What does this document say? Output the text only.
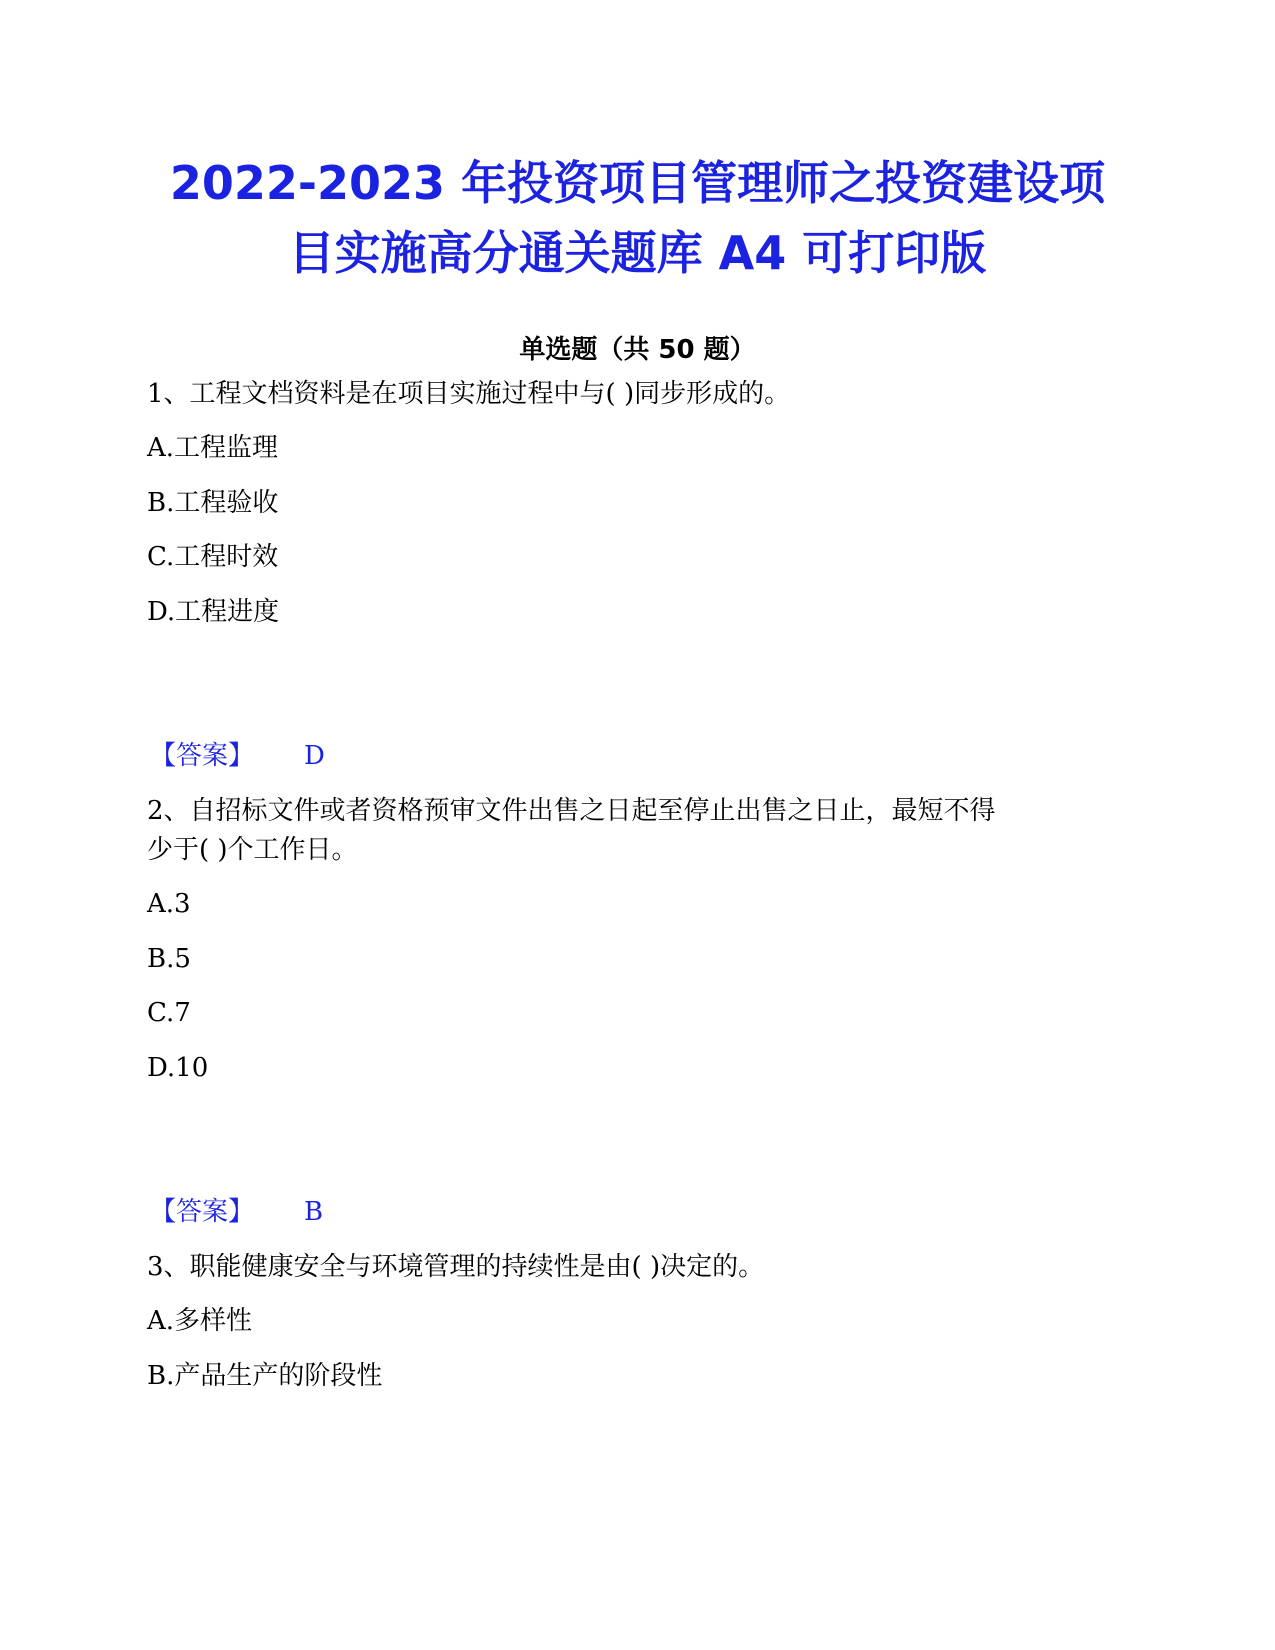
2022-2023 年投资项目管理师之投资建设项
目实施高分通关题库 A4 可打印版
单选题（共 50 题）
1、工程文档资料是在项目实施过程中与( )同步形成的。
A.工程监理
B.工程验收
C.工程时效
D.工程进度
【答案】 D
2、自招标文件或者资格预审文件出售之日起至停止出售之日止，最短不得
少于( )个工作日。
A.3
B.5
C.7
D.10
【答案】 B
3、职能健康安全与环境管理的持续性是由( )决定的。
A.多样性
B.产品生产的阶段性
